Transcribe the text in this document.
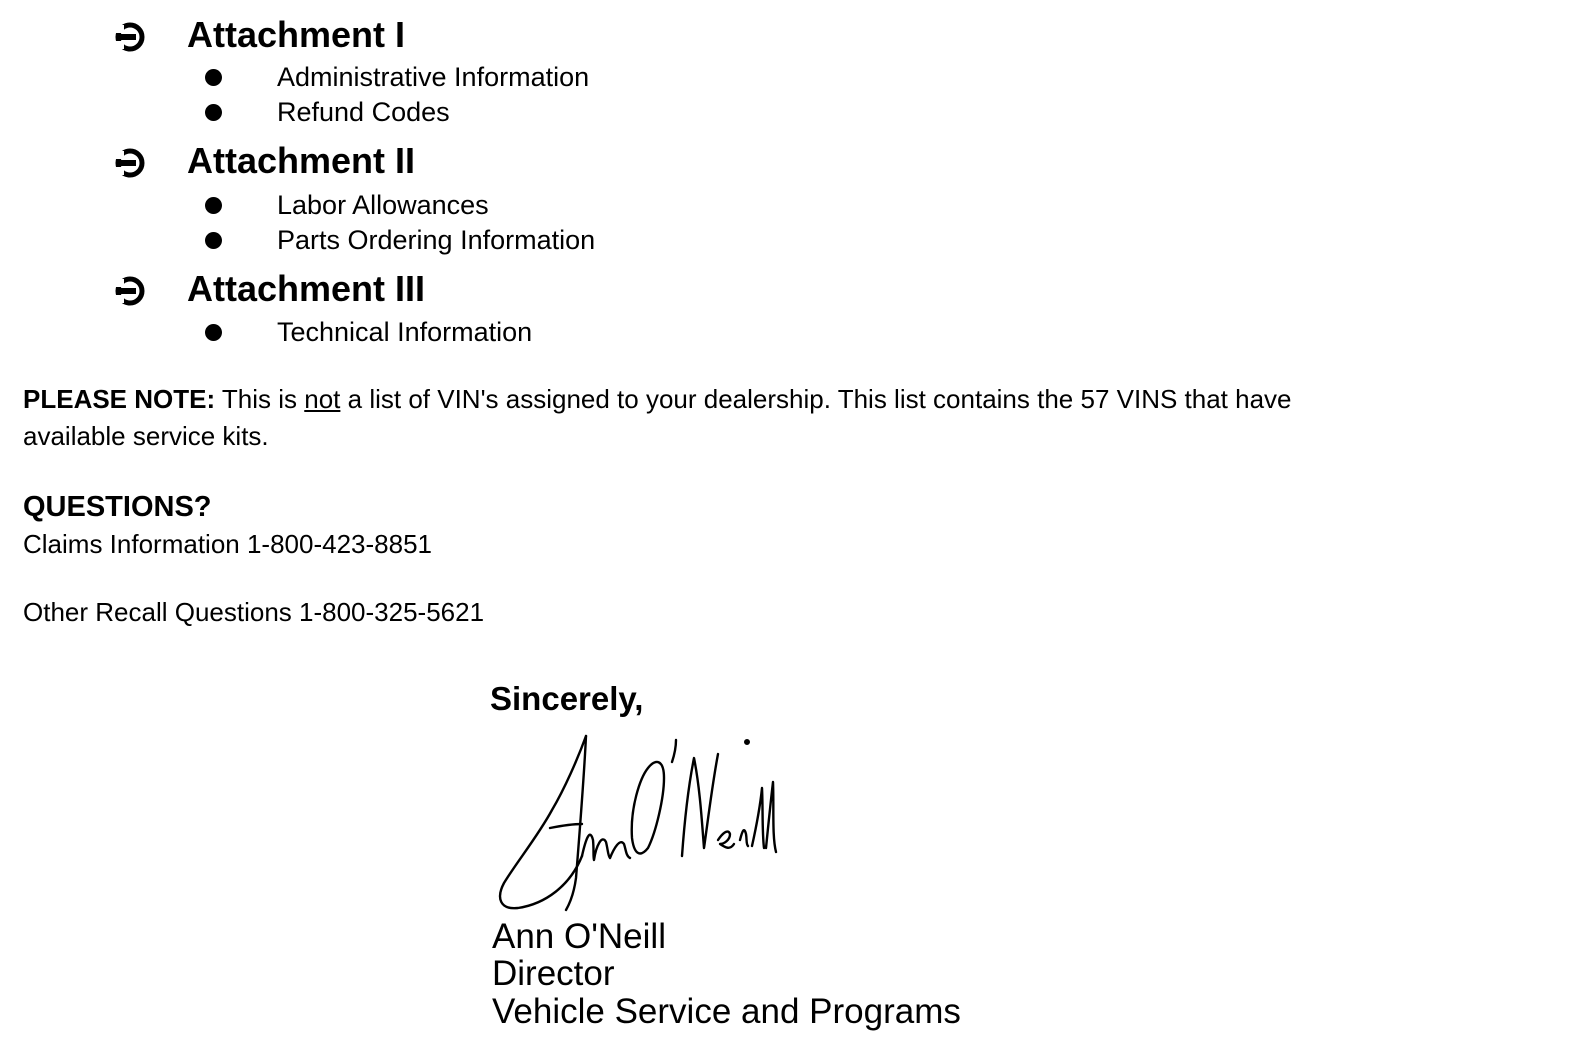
Attachment I
Administrative Information
Refund Codes
Attachment II
Labor Allowances
Parts Ordering Information
Attachment III
Technical Information
PLEASE NOTE: This is not a list of VIN's assigned to your dealership. This list contains the 57 VINS that have
available service kits.
QUESTIONS?
Claims Information 1-800-423-8851
Other Recall Questions 1-800-325-5621
Sincerely,
Ann O'Neill
Director
Vehicle Service and Programs
